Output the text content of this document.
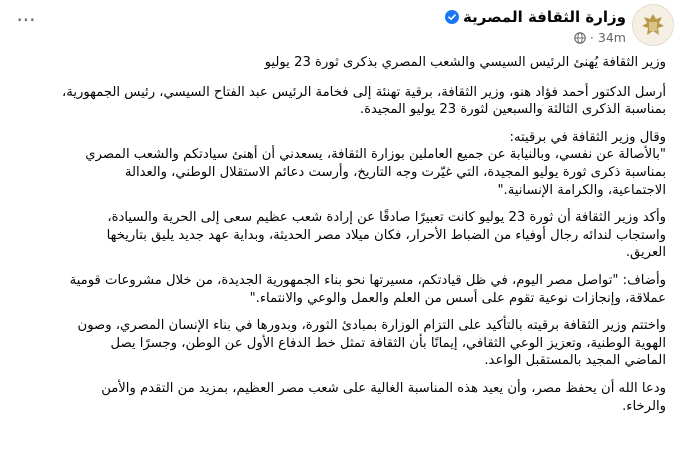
وزارة الثقافة المصرية
34m
·
···

وزير الثقافة يُهنئ الرئيس السيسي والشعب المصري بذكرى ثورة 23 يوليو

أرسل الدكتور أحمد فؤاد هنو، وزير الثقافة، برقية تهنئة إلى فخامة الرئيس عبد الفتاح السيسي، رئيس الجمهورية،
بمناسبة الذكرى الثالثة والسبعين لثورة 23 يوليو المجيدة.

وقال وزير الثقافة في برقيته:
"بالأصالة عن نفسي، وبالنيابة عن جميع العاملين بوزارة الثقافة، يسعدني أن أهنئ سيادتكم والشعب المصري
بمناسبة ذكرى ثورة يوليو المجيدة، التي غيّرت وجه التاريخ، وأرست دعائم الاستقلال الوطني، والعدالة
الاجتماعية، والكرامة الإنسانية."

وأكد وزير الثقافة أن ثورة 23 يوليو كانت تعبيرًا صادقًا عن إرادة شعب عظيم سعى إلى الحرية والسيادة،
واستجاب لندائه رجال أوفياء من الضباط الأحرار، فكان ميلاد مصر الحديثة، وبداية عهد جديد يليق بتاريخها
العريق.

وأضاف: "تواصل مصر اليوم، في ظل قيادتكم، مسيرتها نحو بناء الجمهورية الجديدة، من خلال مشروعات قومية
عملاقة، وإنجازات نوعية تقوم على أسس من العلم والعمل والوعي والانتماء."

واختتم وزير الثقافة برقيته بالتأكيد على التزام الوزارة بمبادئ الثورة، وبدورها في بناء الإنسان المصري، وصون
الهوية الوطنية، وتعزيز الوعي الثقافي، إيمانًا بأن الثقافة تمثل خط الدفاع الأول عن الوطن، وجسرًا يصل
الماضي المجيد بالمستقبل الواعد.

ودعا الله أن يحفظ مصر، وأن يعيد هذه المناسبة الغالية على شعب مصر العظيم، بمزيد من التقدم والأمن
والرخاء.
